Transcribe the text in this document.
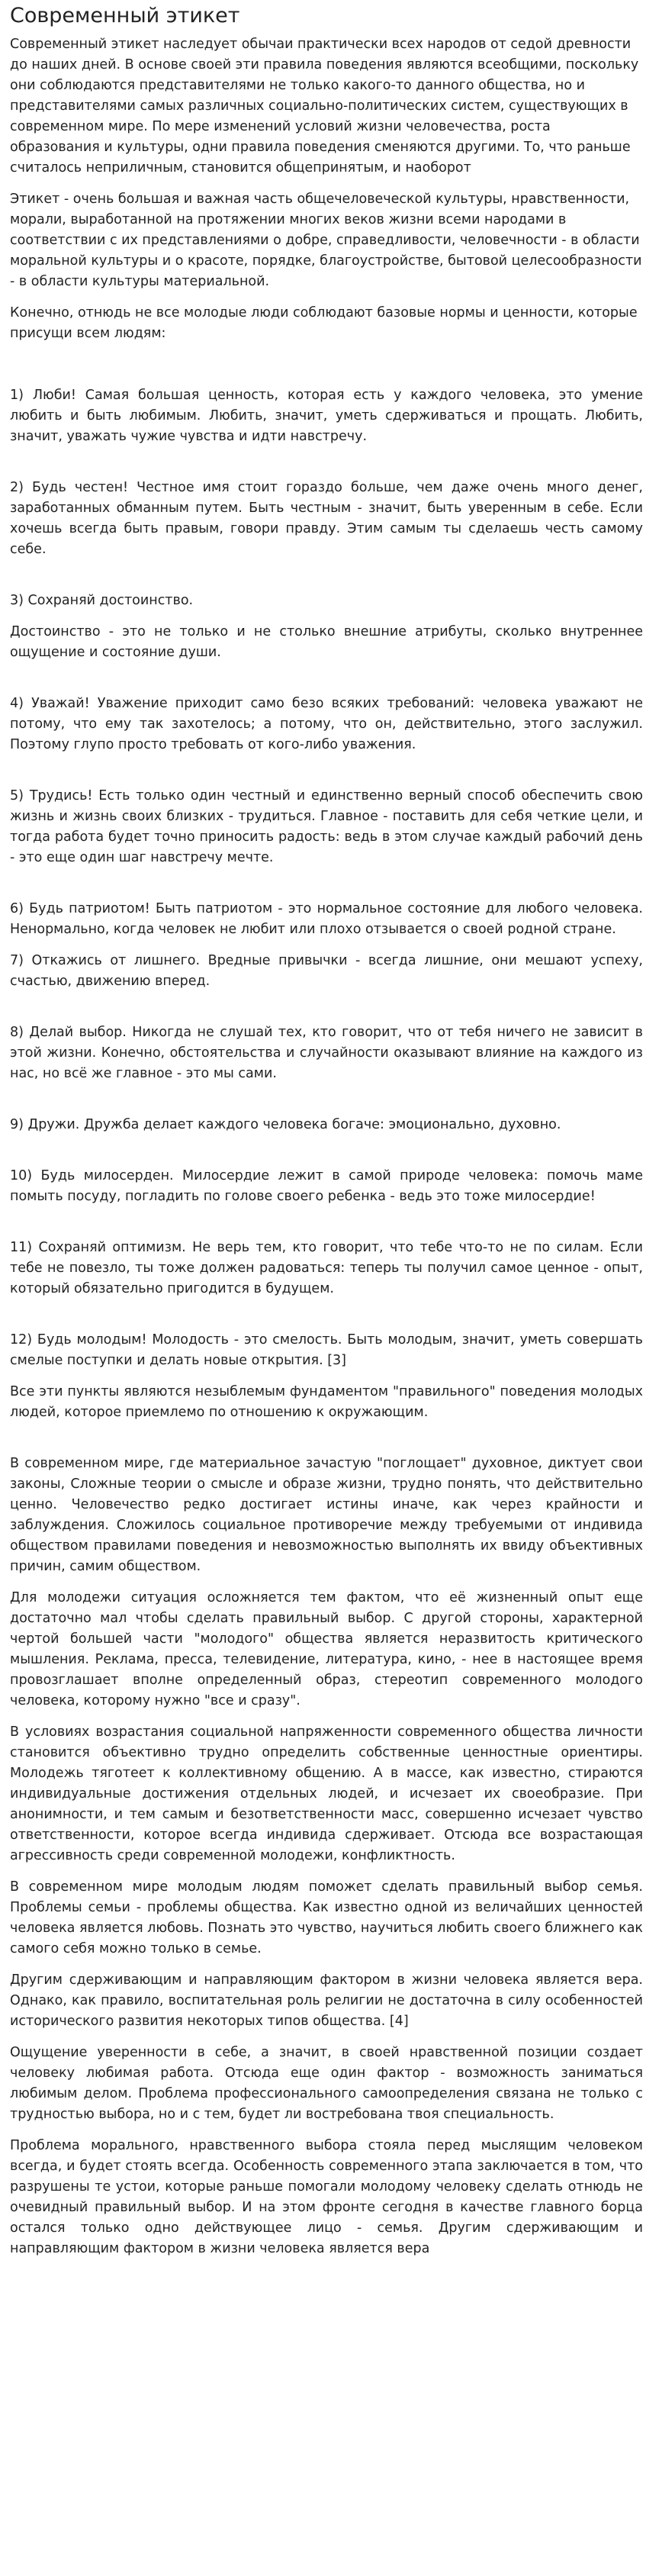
Современный этикет

Современный этикет наследует обычаи практически всех народов от седой древности до наших дней. В основе своей эти правила поведения являются всеобщими, поскольку они соблюдаются представителями не только какого-то данного общества, но и представителями самых различных социально-политических систем, существующих в современном мире. По мере изменений условий жизни человечества, роста образования и культуры, одни правила поведения сменяются другими. То, что раньше считалось неприличным, становится общепринятым, и наоборот

Этикет - очень большая и важная часть общечеловеческой культуры, нравственности, морали, выработанной на протяжении многих веков жизни всеми народами в соответствии с их представлениями о добре, справедливости, человечности - в области моральной культуры и о красоте, порядке, благоустройстве, бытовой целесообразности - в области культуры материальной.

Конечно, отнюдь не все молодые люди соблюдают базовые нормы и ценности, которые присущи всем людям:

1) Люби! Самая большая ценность, которая есть у каждого человека, это умение любить и быть любимым. Любить, значит, уметь сдерживаться и прощать. Любить, значит, уважать чужие чувства и идти навстречу.

2) Будь честен! Честное имя стоит гораздо больше, чем даже очень много денег, заработанных обманным путем. Быть честным - значит, быть уверенным в себе. Если хочешь всегда быть правым, говори правду. Этим самым ты сделаешь честь самому себе.

3) Сохраняй достоинство.

Достоинство - это не только и не столько внешние атрибуты, сколько внутреннее ощущение и состояние души.

4) Уважай! Уважение приходит само безо всяких требований: человека уважают не потому, что ему так захотелось; а потому, что он, действительно, этого заслужил. Поэтому глупо просто требовать от кого-либо уважения.

5) Трудись! Есть только один честный и единственно верный способ обеспечить свою жизнь и жизнь своих близких - трудиться. Главное - поставить для себя четкие цели, и тогда работа будет точно приносить радость: ведь в этом случае каждый рабочий день - это еще один шаг навстречу мечте.

6) Будь патриотом! Быть патриотом - это нормальное состояние для любого человека. Ненормально, когда человек не любит или плохо отзывается о своей родной стране.

7) Откажись от лишнего. Вредные привычки - всегда лишние, они мешают успеху, счастью, движению вперед.

8) Делай выбор. Никогда не слушай тех, кто говорит, что от тебя ничего не зависит в этой жизни. Конечно, обстоятельства и случайности оказывают влияние на каждого из нас, но всё же главное - это мы сами.

9) Дружи. Дружба делает каждого человека богаче: эмоционально, духовно.

10) Будь милосерден. Милосердие лежит в самой природе человека: помочь маме помыть посуду, погладить по голове своего ребенка - ведь это тоже милосердие!

11) Сохраняй оптимизм. Не верь тем, кто говорит, что тебе что-то не по силам. Если тебе не повезло, ты тоже должен радоваться: теперь ты получил самое ценное - опыт, который обязательно пригодится в будущем.

12) Будь молодым! Молодость - это смелость. Быть молодым, значит, уметь совершать смелые поступки и делать новые открытия. [3]

Все эти пункты являются незыблемым фундаментом "правильного" поведения молодых людей, которое приемлемо по отношению к окружающим.

В современном мире, где материальное зачастую "поглощает" духовное, диктует свои законы, Сложные теории о смысле и образе жизни, трудно понять, что действительно ценно. Человечество редко достигает истины иначе, как через крайности и заблуждения. Сложилось социальное противоречие между требуемыми от индивида обществом правилами поведения и невозможностью выполнять их ввиду объективных причин, самим обществом.

Для молодежи ситуация осложняется тем фактом, что её жизненный опыт еще достаточно мал чтобы сделать правильный выбор. С другой стороны, характерной чертой большей части "молодого" общества является неразвитость критического мышления. Реклама, пресса, телевидение, литература, кино, - нее в настоящее время провозглашает вполне определенный образ, стереотип современного молодого человека, которому нужно "все и сразу".

В условиях возрастания социальной напряженности современного общества личности становится объективно трудно определить собственные ценностные ориентиры. Молодежь тяготеет к коллективному общению. А в массе, как известно, стираются индивидуальные достижения отдельных людей, и исчезает их своеобразие. При анонимности, и тем самым и безответственности масс, совершенно исчезает чувство ответственности, которое всегда индивида сдерживает. Отсюда все возрастающая агрессивность среди современной молодежи, конфликтность.

В современном мире молодым людям поможет сделать правильный выбор семья. Проблемы семьи - проблемы общества. Как известно одной из величайших ценностей человека является любовь. Познать это чувство, научиться любить своего ближнего как самого себя можно только в семье.

Другим сдерживающим и направляющим фактором в жизни человека является вера. Однако, как правило, воспитательная роль религии не достаточна в силу особенностей исторического развития некоторых типов общества. [4]

Ощущение уверенности в себе, а значит, в своей нравственной позиции создает человеку любимая работа. Отсюда еще один фактор - возможность заниматься любимым делом. Проблема профессионального самоопределения связана не только с трудностью выбора, но и с тем, будет ли востребована твоя специальность.

Проблема морального, нравственного выбора стояла перед мыслящим человеком всегда, и будет стоять всегда. Особенность современного этапа заключается в том, что разрушены те устои, которые раньше помогали молодому человеку сделать отнюдь не очевидный правильный выбор. И на этом фронте сегодня в качестве главного борца остался только одно действующее лицо - семья. Другим сдерживающим и направляющим фактором в жизни человека является вера
